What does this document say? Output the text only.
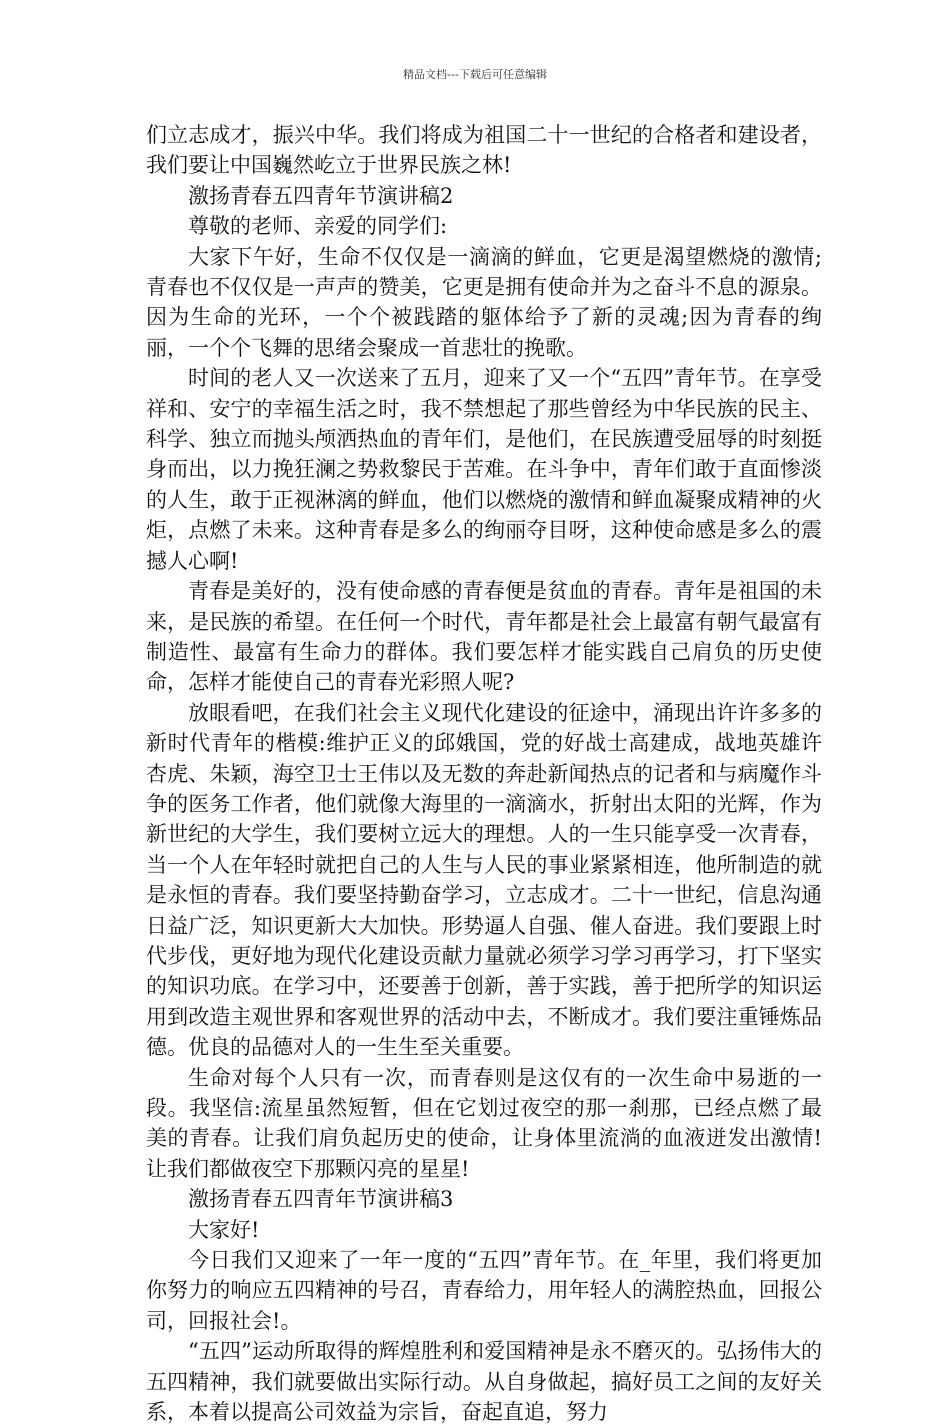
精品文档---下载后可任意编辑

们立志成才，振兴中华。我们将成为祖国二十一世纪的合格者和建设者，我们要让中国巍然屹立于世界民族之林!

激扬青春五四青年节演讲稿2

尊敬的老师、亲爱的同学们:

大家下午好，生命不仅仅是一滴滴的鲜血，它更是渴望燃烧的激情;青春也不仅仅是一声声的赞美，它更是拥有使命并为之奋斗不息的源泉。因为生命的光环，一个个被践踏的躯体给予了新的灵魂;因为青春的绚丽，一个个飞舞的思绪会聚成一首悲壮的挽歌。

时间的老人又一次送来了五月，迎来了又一个“五四”青年节。在享受祥和、安宁的幸福生活之时，我不禁想起了那些曾经为中华民族的民主、科学、独立而抛头颅洒热血的青年们，是他们，在民族遭受屈辱的时刻挺身而出，以力挽狂澜之势救黎民于苦难。在斗争中，青年们敢于直面惨淡的人生，敢于正视淋漓的鲜血，他们以燃烧的激情和鲜血凝聚成精神的火炬，点燃了未来。这种青春是多么的绚丽夺目呀，这种使命感是多么的震撼人心啊!

青春是美好的，没有使命感的青春便是贫血的青春。青年是祖国的未来，是民族的希望。在任何一个时代，青年都是社会上最富有朝气最富有制造性、最富有生命力的群体。我们要怎样才能实践自己肩负的历史使命，怎样才能使自己的青春光彩照人呢?

放眼看吧，在我们社会主义现代化建设的征途中，涌现出许许多多的新时代青年的楷模:维护正义的邱娥国，党的好战士高建成，战地英雄许杏虎、朱颖，海空卫士王伟以及无数的奔赴新闻热点的记者和与病魔作斗争的医务工作者，他们就像大海里的一滴滴水，折射出太阳的光辉，作为新世纪的大学生，我们要树立远大的理想。人的一生只能享受一次青春，当一个人在年轻时就把自己的人生与人民的事业紧紧相连，他所制造的就是永恒的青春。我们要坚持勤奋学习，立志成才。二十一世纪，信息沟通日益广泛，知识更新大大加快。形势逼人自强、催人奋进。我们要跟上时代步伐，更好地为现代化建设贡献力量就必须学习学习再学习，打下坚实的知识功底。在学习中，还要善于创新，善于实践，善于把所学的知识运用到改造主观世界和客观世界的活动中去，不断成才。我们要注重锤炼品德。优良的品德对人的一生生至关重要。

生命对每个人只有一次，而青春则是这仅有的一次生命中易逝的一段。我坚信:流星虽然短暂，但在它划过夜空的那一刹那，已经点燃了最美的青春。让我们肩负起历史的使命，让身体里流淌的血液迸发出激情!让我们都做夜空下那颗闪亮的星星!

激扬青春五四青年节演讲稿3

大家好!

今日我们又迎来了一年一度的“五四”青年节。在_年里，我们将更加你努力的响应五四精神的号召，青春给力，用年轻人的满腔热血，回报公司，回报社会!。

“五四”运动所取得的辉煌胜利和爱国精神是永不磨灭的。弘扬伟大的五四精神，我们就要做出实际行动。从自身做起，搞好员工之间的友好关系，本着以提高公司效益为宗旨，奋起直追，努力
